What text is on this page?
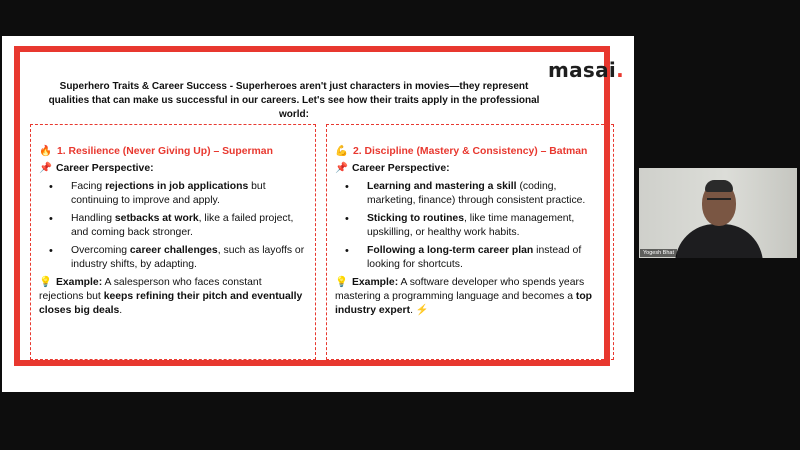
masai.
Superhero Traits & Career Success - Superheroes aren't just characters in movies—they represent qualities that can make us successful in our careers. Let's see how their traits apply in the professional world:
🔥 1. Resilience (Never Giving Up) – Superman
📌 Career Perspective:
• Facing rejections in job applications but continuing to improve and apply.
• Handling setbacks at work, like a failed project, and coming back stronger.
• Overcoming career challenges, such as layoffs or industry shifts, by adapting.
💡 Example: A salesperson who faces constant rejections but keeps refining their pitch and eventually closes big deals.
💪 2. Discipline (Mastery & Consistency) – Batman
📌 Career Perspective:
• Learning and mastering a skill (coding, marketing, finance) through consistent practice.
• Sticking to routines, like time management, upskilling, or healthy work habits.
• Following a long-term career plan instead of looking for shortcuts.
💡 Example: A software developer who spends years mastering a programming language and becomes a top industry expert. ⚡
Yogesh Bhat
